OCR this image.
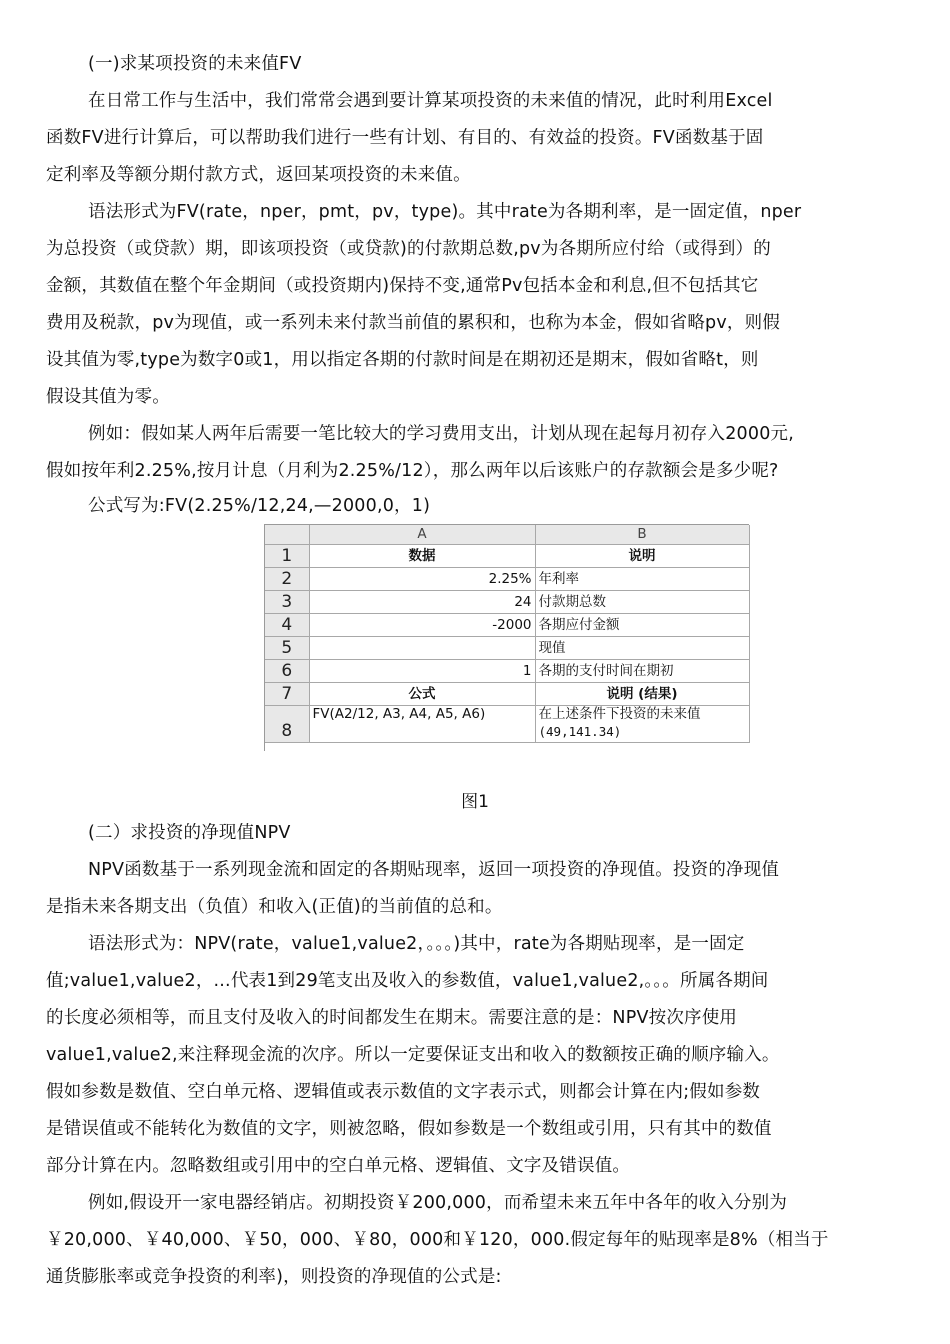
(一)求某项投资的未来值FV
在日常工作与生活中，我们常常会遇到要计算某项投资的未来值的情况，此时利用Excel
函数FV进行计算后，可以帮助我们进行一些有计划、有目的、有效益的投资。FV函数基于固
定利率及等额分期付款方式，返回某项投资的未来值。
语法形式为FV(rate，nper，pmt，pv，type)。其中rate为各期利率，是一固定值，nper
为总投资（或贷款）期，即该项投资（或贷款)的付款期总数,pv为各期所应付给（或得到）的
金额，其数值在整个年金期间（或投资期内)保持不变,通常Pv包括本金和利息,但不包括其它
费用及税款，pv为现值，或一系列未来付款当前值的累积和，也称为本金，假如省略pv，则假
设其值为零,type为数字0或1，用以指定各期的付款时间是在期初还是期末，假如省略t，则
假设其值为零。
例如：假如某人两年后需要一笔比较大的学习费用支出，计划从现在起每月初存入2000元,
假如按年利2.25%,按月计息（月利为2.25%/12），那么两年以后该账户的存款额会是多少呢?
公式写为:FV(2.25%/12,24,—2000,0，1)
	A	B
1	数据	说明
2	2.25%	年利率
3	24	付款期总数
4	-2000	各期应付金额
5		现值
6	1	各期的支付时间在期初
7	公式	说明 (结果)
8	FV(A2/12, A3, A4, A5, A6)	在上述条件下投资的未来值
(49,141.34)
图1
(二）求投资的净现值NPV
NPV函数基于一系列现金流和固定的各期贴现率，返回一项投资的净现值。投资的净现值
是指未来各期支出（负值）和收入(正值)的当前值的总和。
语法形式为：NPV(rate，value1,value2，。。。)其中，rate为各期贴现率，是一固定
值;value1,value2，...代表1到29笔支出及收入的参数值，value1,value2,。。。所属各期间
的长度必须相等，而且支付及收入的时间都发生在期末。需要注意的是：NPV按次序使用
value1,value2,来注释现金流的次序。所以一定要保证支出和收入的数额按正确的顺序输入。
假如参数是数值、空白单元格、逻辑值或表示数值的文字表示式，则都会计算在内;假如参数
是错误值或不能转化为数值的文字，则被忽略，假如参数是一个数组或引用，只有其中的数值
部分计算在内。忽略数组或引用中的空白单元格、逻辑值、文字及错误值。
例如,假设开一家电器经销店。初期投资￥200,000，而希望未来五年中各年的收入分别为
￥20,000、￥40,000、￥50，000、￥80，000和￥120，000.假定每年的贴现率是8%（相当于
通货膨胀率或竞争投资的利率)，则投资的净现值的公式是:
